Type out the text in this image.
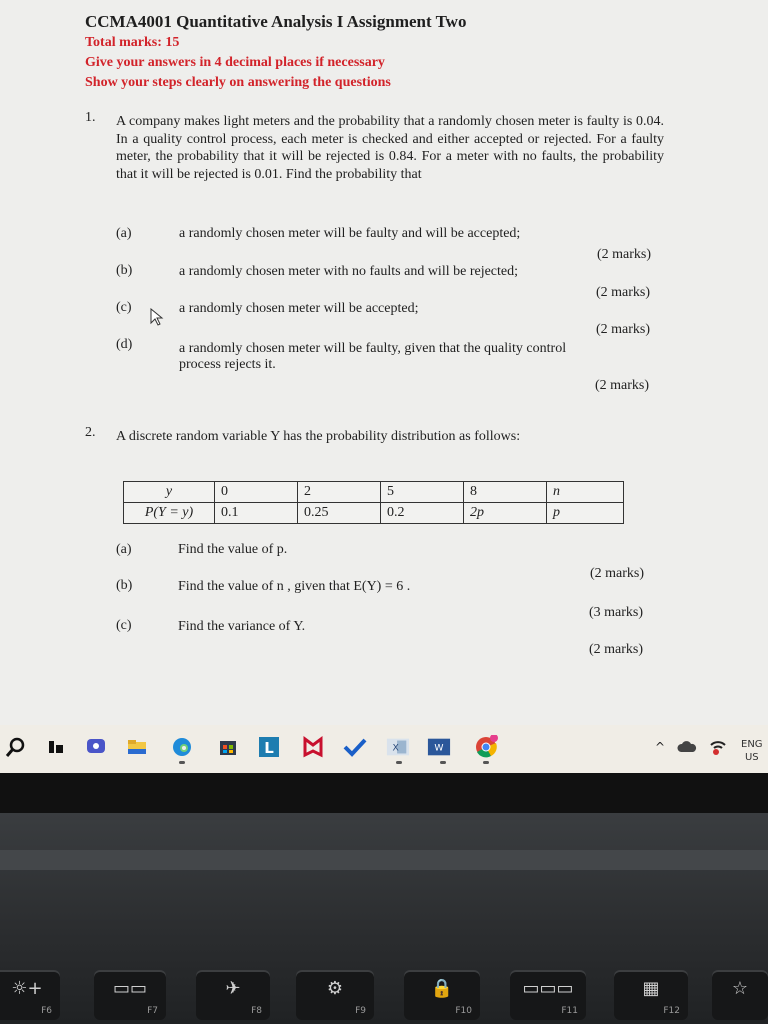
CCMA4001 Quantitative Analysis I Assignment Two
Total marks: 15
Give your answers in 4 decimal places if necessary
Show your steps clearly on answering the questions
1. A company makes light meters and the probability that a randomly chosen meter is faulty is 0.04. In a quality control process, each meter is checked and either accepted or rejected. For a faulty meter, the probability that it will be rejected is 0.84. For a meter with no faults, the probability that it will be rejected is 0.01. Find the probability that
(a)	a randomly chosen meter will be faulty and will be accepted;
(2 marks)
(b)	a randomly chosen meter with no faults and will be rejected;
(2 marks)
(c)	a randomly chosen meter will be accepted;
(2 marks)
(d)	a randomly chosen meter will be faulty, given that the quality control
process rejects it.
(2 marks)
2. A discrete random variable Y has the probability distribution as follows:
y	0	2	5	8	n
P(Y = y)	0.1	0.25	0.2	2p	p
(a)	Find the value of p.
(2 marks)
(b)	Find the value of n , given that E(Y) = 6 .
(3 marks)
(c)	Find the variance of Y.
(2 marks)
L	X	W	^	ENG
US
☼+
F6
▭▭
F7
✈
F8
⚙
F9
🔒
F10
▭▭▭
F11
▦
F12
☆
